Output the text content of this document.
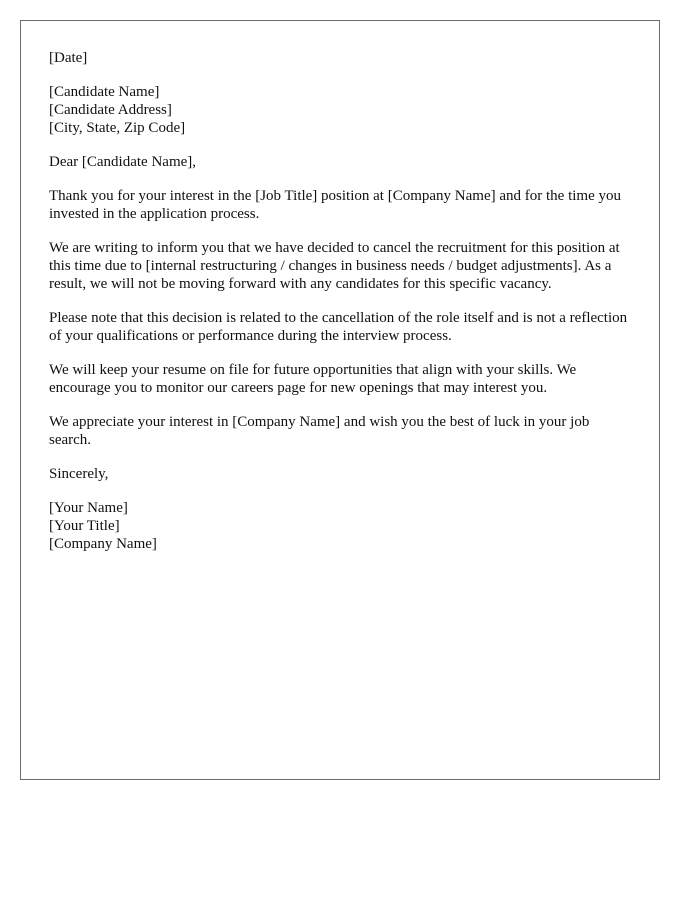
[Date]
[Candidate Name]
[Candidate Address]
[City, State, Zip Code]

Dear [Candidate Name],

Thank you for your interest in the [Job Title] position at [Company Name] and for the time you invested in the application process.

We are writing to inform you that we have decided to cancel the recruitment for this position at this time due to [internal restructuring / changes in business needs / budget adjustments]. As a result, we will not be moving forward with any candidates for this specific vacancy.

Please note that this decision is related to the cancellation of the role itself and is not a reflection of your qualifications or performance during the interview process.

We will keep your resume on file for future opportunities that align with your skills. We encourage you to monitor our careers page for new openings that may interest you.

We appreciate your interest in [Company Name] and wish you the best of luck in your job search.

Sincerely,

[Your Name]
[Your Title]
[Company Name]
